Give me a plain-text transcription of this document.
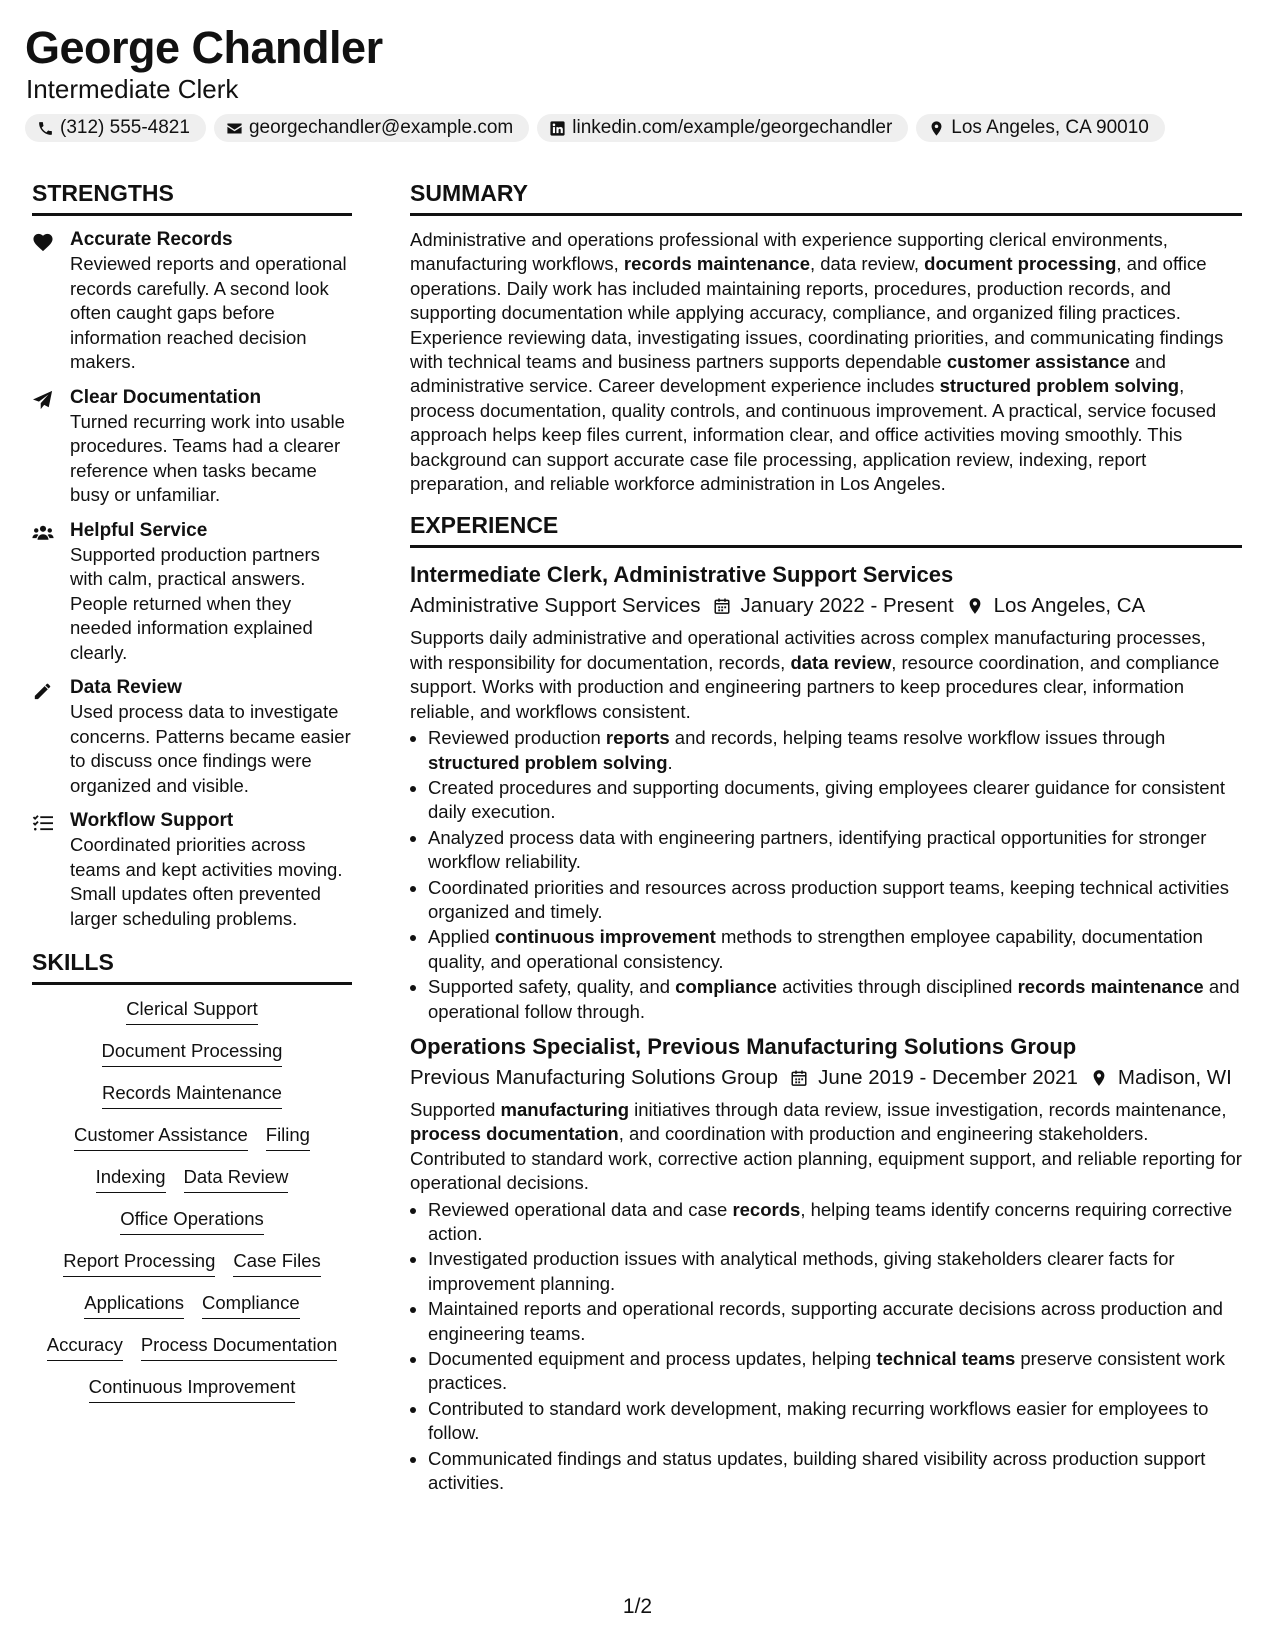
George Chandler
Intermediate Clerk
(312) 555-4821	georgechandler@example.com	linkedin.com/example/georgechandler	Los Angeles, CA 90010
STRENGTHS

Accurate Records

Reviewed reports and operational records carefully. A second look often caught gaps before information reached decision makers.

Clear Documentation

Turned recurring work into usable procedures. Teams had a clearer reference when tasks became busy or unfamiliar.

Helpful Service

Supported production partners with calm, practical answers. People returned when they needed information explained clearly.

Data Review

Used process data to investigate concerns. Patterns became easier to discuss once findings were organized and visible.

Workflow Support

Coordinated priorities across teams and kept activities moving. Small updates often prevented larger scheduling problems.

SKILLS
Clerical Support
Document Processing
Records Maintenance
Customer Assistance Filing
Indexing Data Review
Office Operations
Report Processing Case Files
Applications Compliance
Accuracy Process Documentation
Continuous Improvement
SUMMARY

Administrative and operations professional with experience supporting clerical environments, manufacturing workflows, records maintenance, data review, document processing, and office operations. Daily work has included maintaining reports, procedures, production records, and supporting documentation while applying accuracy, compliance, and organized filing practices. Experience reviewing data, investigating issues, coordinating priorities, and communicating findings with technical teams and business partners supports dependable customer assistance and administrative service. Career development experience includes structured problem solving, process documentation, quality controls, and continuous improvement. A practical, service focused approach helps keep files current, information clear, and office activities moving smoothly. This background can support accurate case file processing, application review, indexing, report preparation, and reliable workforce administration in Los Angeles.

EXPERIENCE
Intermediate Clerk, Administrative Support Services
Administrative Support Services January 2022 - Present Los Angeles, CA

Supports daily administrative and operational activities across complex manufacturing processes, with responsibility for documentation, records, data review, resource coordination, and compliance support. Works with production and engineering partners to keep procedures clear, information reliable, and workflows consistent.

• Reviewed production reports and records, helping teams resolve workflow issues through structured problem solving.
• Created procedures and supporting documents, giving employees clearer guidance for consistent daily execution.
• Analyzed process data with engineering partners, identifying practical opportunities for stronger workflow reliability.
• Coordinated priorities and resources across production support teams, keeping technical activities organized and timely.
• Applied continuous improvement methods to strengthen employee capability, documentation quality, and operational consistency.
• Supported safety, quality, and compliance activities through disciplined records maintenance and operational follow through.
Operations Specialist, Previous Manufacturing Solutions Group
Previous Manufacturing Solutions Group June 2019 - December 2021 Madison, WI

Supported manufacturing initiatives through data review, issue investigation, records maintenance, process documentation, and coordination with production and engineering stakeholders. Contributed to standard work, corrective action planning, equipment support, and reliable reporting for operational decisions.

• Reviewed operational data and case records, helping teams identify concerns requiring corrective action.
• Investigated production issues with analytical methods, giving stakeholders clearer facts for improvement planning.
• Maintained reports and operational records, supporting accurate decisions across production and engineering teams.
• Documented equipment and process updates, helping technical teams preserve consistent work practices.
• Contributed to standard work development, making recurring workflows easier for employees to follow.
• Communicated findings and status updates, building shared visibility across production support activities.
1/2
